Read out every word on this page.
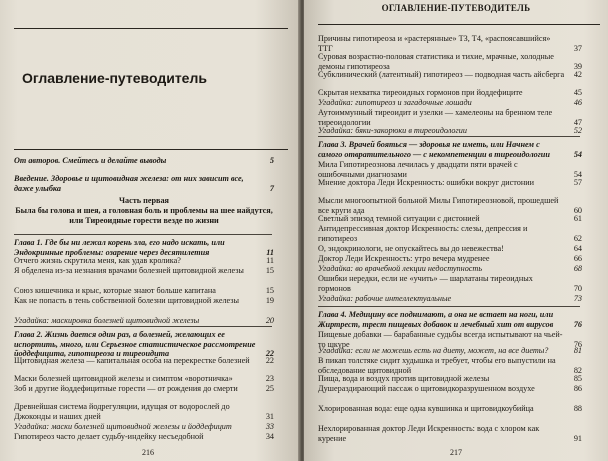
Оглавление-путеводитель
От авторов. Смейтесь и делайте выводы	5
Введение. Здоровье и щитовидная железа: от них зависит все, даже улыбка	7
Часть первая
Была бы голова и шея, а головная боль и проблемы на шее найдутся, или Тиреоидные горести везде по жизни
Глава 1. Где бы ни лежал корень зла, его надо искать, или Эндокринные проблемы: озарение через десятилетия	11
Отчего жизнь скрутила меня, как удав кролика?	11
Я обделена из-за незнания врачами болезней щитовидной железы	15
Союз кишечника и крыс, которые знают больше капитана	15
Как не попасть в тень собственной болезни щитовидной железы	19
Угадайка: маскировка болезней щитовидной железы	20
Глава 2. Жизнь дается один раз, а болезней, желающих ее испортить, много, или Серьезное статистическое рассмотрение йоддефицита, гипотиреоза и тиреоидита	22
Щитовидная железа — капитальная особа на перекрестке болезней 22
Маски болезней щитовидной железы и симптом «воротничка»	23
Зоб и другие йоддефицитные горести — от рождения до смерти	25
Древнейшая система йодрегуляции, идущая от водорослей до Джоконды и наших дней	31
Угадайка: маски болезней щитовидной железы и йоддефицит	33
Гипотиреоз часто делает судьбу-индейку несъедобной	34
216
ОГЛАВЛЕНИЕ-ПУТЕВОДИТЕЛЬ
Причины гипотиреоза и «растерянные» ТЗ, Т4, «распоясавшийся» ТТГ	37
Суровая возрастно-половая статистика и тихие, мрачные, холодные демоны гипотиреоза	39
Субклинический (латентный) гипотиреоз — подводная часть айсберга 42
Скрытая нехватка тиреоидных гормонов при йоддефиците	45
Угадайка: гипотиреоз и загадочные лошади	46
Аутоиммунный тиреоидит и узелки — хамелеоны на бренном теле тиреоидологии	47
Угадайка: бяки-закорюки в тиреоидологии	52
Глава 3. Врачей бояться — здоровья не иметь, или Начнем с самого отвратительного — с некомпетенции в тиреоидологии	54
Мила Гипотиреознова лечилась у двадцати пяти врачей с ошибочными диагнозами	54
Мнение доктора Леди Искренность: ошибки вокруг дистонии	57
Мысли многоопытной больной Милы Гипотиреозновой, прошедшей все круги ада	60
Светлый эпизод темной ситуации с дистонией	61
Антидепрессивная доктор Искренность: слезы, депрессия и гипотиреоз	62
О, эндокринологи, не опускайтесь вы до невежества!	64
Доктор Леди Искренность: утро вечера мудренее	66
Угадайка: во врачебной лекции недоступность	68
Ошибки нередки, если не «учить» — шарлатаны тиреоидных гормонов	70
Угадайка: рабочие интеллектуальные	73
Глава 4. Медицину все поднимают, а она не встает на ноги, или Жиртрест, трест пищевых добавок и лечебный хит от вирусов	76
Пищевые добавки — барабанные судьбы всегда испытывают на чьей-то шкуре	76
Угадайка: если не можешь есть на диету, может, на все диеты?	81
В пикап толстяке сидит худышка и требует, чтобы его выпустили на обследование щитовидной	82
Пища, вода и воздух против щитовидной железы	85
Душераздирающий пассаж о щитовидкоразрушенном воздухе	86
Хлорированная вода: еще одна кувшинка и щитовидкоубийца	88
Нехлорированная доктор Леди Искренность: вода с хлором как курение	91
217
